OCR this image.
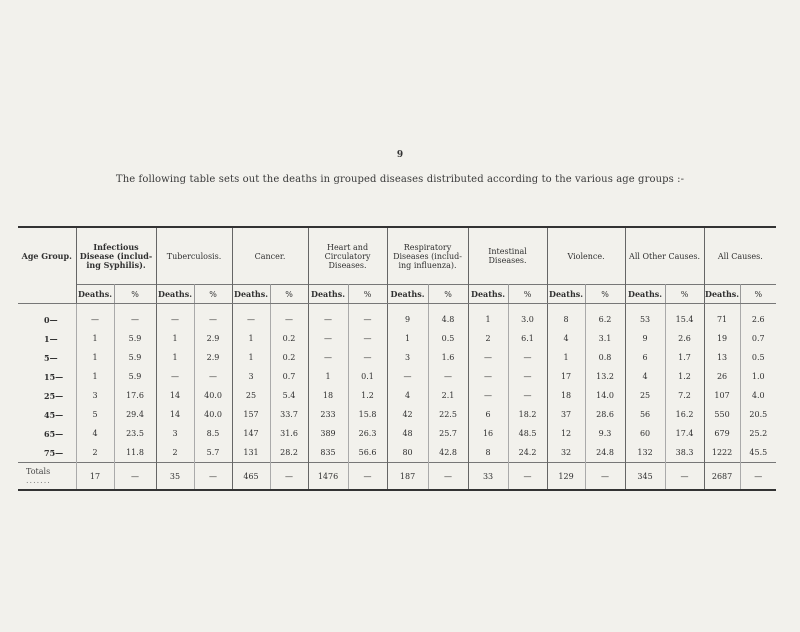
9
The following table sets out the deaths in grouped diseases distributed according to the various age groups :-
Age Group.	Infectious Disease (includ- ing Syphilis).		Tuberculosis.		Cancer.		Heart and Circulatory Diseases.		Respiratory Diseases (includ- ing influenza).		Intestinal Diseases.		Violence.		All Other Causes.		All Causes.	
	Deaths.	%	Deaths.	%	Deaths.	%	Deaths.	%	Deaths.	%	Deaths.	%	Deaths.	%	Deaths.	%	Deaths.	%
0—	—	—	—	—	—	—	—	—	9	4.8	1	3.0	8	6.2	53	15.4	71	2.6
1—	1	5.9	1	2.9	1	0.2	—	—	1	0.5	2	6.1	4	3.1	9	2.6	19	0.7
5—	1	5.9	1	2.9	1	0.2	—	—	3	1.6	—	—	1	0.8	6	1.7	13	0.5
15—	1	5.9	—	—	3	0.7	1	0.1	—	—	—	—	17	13.2	4	1.2	26	1.0
25—	3	17.6	14	40.0	25	5.4	18	1.2	4	2.1	—	—	18	14.0	25	7.2	107	4.0
45—	5	29.4	14	40.0	157	33.7	233	15.8	42	22.5	6	18.2	37	28.6	56	16.2	550	20.5
65—	4	23.5	3	8.5	147	31.6	389	26.3	48	25.7	16	48.5	12	9.3	60	17.4	679	25.2
75—	2	11.8	2	5.7	131	28.2	835	56.6	80	42.8	8	24.2	32	24.8	132	38.3	1222	45.5
Totals .......	17	—	35	—	465	—	1476	—	187	—	33	—	129	—	345	—	2687	—
